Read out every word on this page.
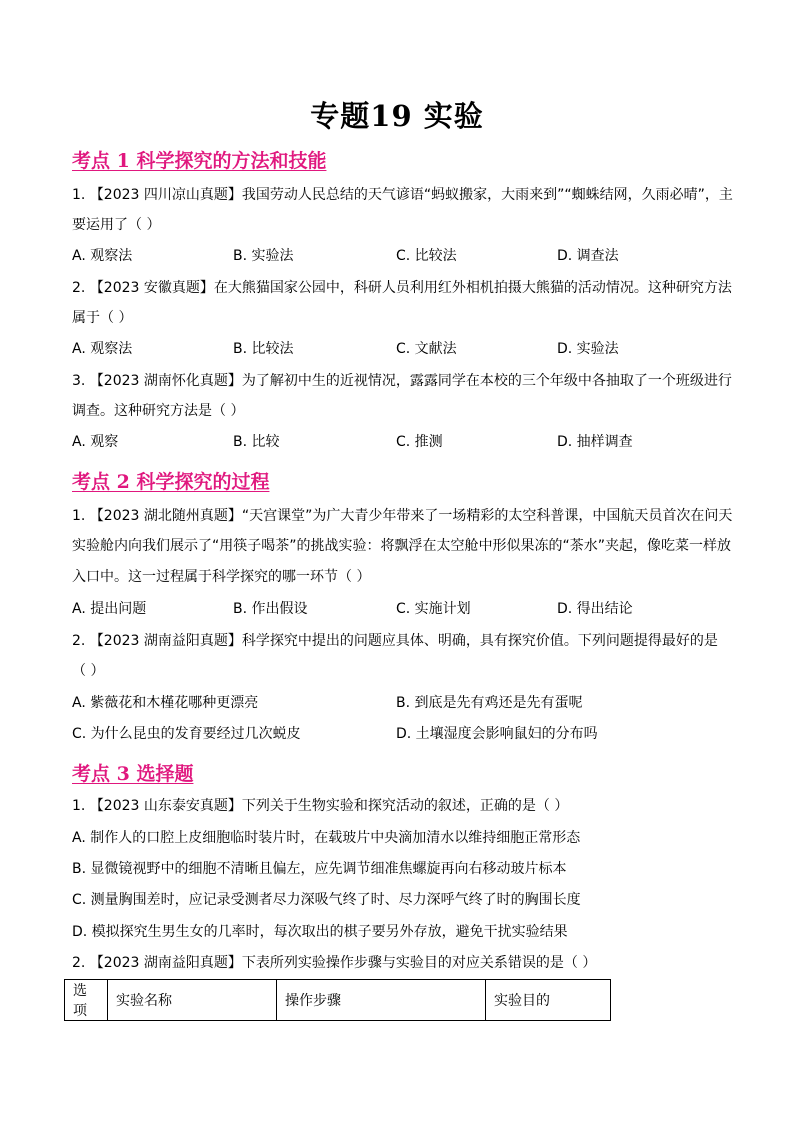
专题19 实验
考点 1 科学探究的方法和技能
1. 【2023 四川凉山真题】我国劳动人民总结的天气谚语“蚂蚁搬家，大雨来到”“蜘蛛结网，久雨必晴”，主
要运用了（ ）
A. 观察法	B. 实验法	C. 比较法	D. 调查法
2. 【2023 安徽真题】在大熊猫国家公园中，科研人员利用红外相机拍摄大熊猫的活动情况。这种研究方法
属于（ ）
A. 观察法	B. 比较法	C. 文献法	D. 实验法
3. 【2023 湖南怀化真题】为了解初中生的近视情况，露露同学在本校的三个年级中各抽取了一个班级进行
调查。这种研究方法是（ ）
A. 观察	B. 比较	C. 推测	D. 抽样调查
考点 2 科学探究的过程
1. 【2023 湖北随州真题】“天宫课堂”为广大青少年带来了一场精彩的太空科普课，中国航天员首次在问天
实验舱内向我们展示了“用筷子喝茶”的挑战实验：将飘浮在太空舱中形似果冻的“茶水”夹起，像吃菜一样放
入口中。这一过程属于科学探究的哪一环节（ ）
A. 提出问题	B. 作出假设	C. 实施计划	D. 得出结论
2. 【2023 湖南益阳真题】科学探究中提出的问题应具体、明确，具有探究价值。下列问题提得最好的是
（ ）
A. 紫薇花和木槿花哪种更漂亮	B. 到底是先有鸡还是先有蛋呢
C. 为什么昆虫的发育要经过几次蜕皮	D. 土壤湿度会影响鼠妇的分布吗
考点 3 选择题
1. 【2023 山东泰安真题】下列关于生物实验和探究活动的叙述，正确的是（ ）
A. 制作人的口腔上皮细胞临时装片时，在载玻片中央滴加清水以维持细胞正常形态
B. 显微镜视野中的细胞不清晰且偏左，应先调节细准焦螺旋再向右移动玻片标本
C. 测量胸围差时，应记录受测者尽力深吸气终了时、尽力深呼气终了时的胸围长度
D. 模拟探究生男生女的几率时，每次取出的棋子要另外存放，避免干扰实验结果
2. 【2023 湖南益阳真题】下表所列实验操作步骤与实验目的对应关系错误的是（ ）
选项	实验名称	操作步骤	实验目的
